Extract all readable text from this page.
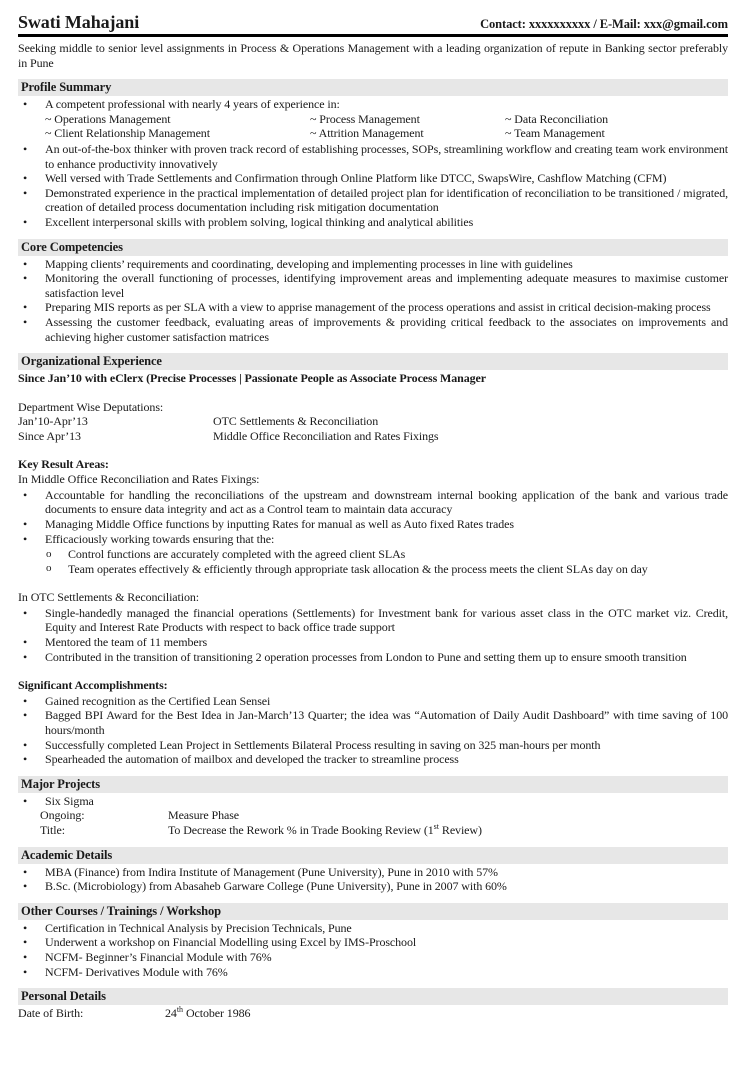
Swati Mahajani	Contact: xxxxxxxxxx / E-Mail: xxx@gmail.com

Seeking middle to senior level assignments in Process & Operations Management with a leading organization of repute in Banking sector preferably in Pune

Profile Summary
• A competent professional with nearly 4 years of experience in:
~ Operations Management	~ Process Management	~ Data Reconciliation
~ Client Relationship Management	~ Attrition Management	~ Team Management
• An out-of-the-box thinker with proven track record of establishing processes, SOPs, streamlining workflow and creating team work environment to enhance productivity innovatively
• Well versed with Trade Settlements and Confirmation through Online Platform like DTCC, SwapsWire, Cashflow Matching (CFM)
• Demonstrated experience in the practical implementation of detailed project plan for identification of reconciliation to be transitioned / migrated, creation of detailed process documentation including risk mitigation documentation
• Excellent interpersonal skills with problem solving, logical thinking and analytical abilities
Core Competencies
• Mapping clients’ requirements and coordinating, developing and implementing processes in line with guidelines
• Monitoring the overall functioning of processes, identifying improvement areas and implementing adequate measures to maximise customer satisfaction level
• Preparing MIS reports as per SLA with a view to apprise management of the process operations and assist in critical decision-making process
• Assessing the customer feedback, evaluating areas of improvements & providing critical feedback to the associates on improvements and achieving higher customer satisfaction matrices
Organizational Experience

Since Jan’10 with eClerx (Precise Processes | Passionate People as Associate Process Manager

Department Wise Deputations:

Jan’10-Apr’13	OTC Settlements & Reconciliation
Since Apr’13	Middle Office Reconciliation and Rates Fixings

Key Result Areas:

In Middle Office Reconciliation and Rates Fixings:

• Accountable for handling the reconciliations of the upstream and downstream internal booking application of the bank and various trade documents to ensure data integrity and act as a Control team to maintain data accuracy
• Managing Middle Office functions by inputting Rates for manual as well as Auto fixed Rates trades
• Efficaciously working towards ensuring that the:
o Control functions are accurately completed with the agreed client SLAs
o Team operates effectively & efficiently through appropriate task allocation & the process meets the client SLAs day on day

In OTC Settlements & Reconciliation:

• Single-handedly managed the financial operations (Settlements) for Investment bank for various asset class in the OTC market viz. Credit, Equity and Interest Rate Products with respect to back office trade support
• Mentored the team of 11 members
• Contributed in the transition of transitioning 2 operation processes from London to Pune and setting them up to ensure smooth transition

Significant Accomplishments:

• Gained recognition as the Certified Lean Sensei
• Bagged BPI Award for the Best Idea in Jan-March’13 Quarter; the idea was “Automation of Daily Audit Dashboard” with time saving of 100 hours/month
• Successfully completed Lean Project in Settlements Bilateral Process resulting in saving on 325 man-hours per month
• Spearheaded the automation of mailbox and developed the tracker to streamline process
Major Projects
• Six Sigma
Ongoing:	Measure Phase
Title:	To Decrease the Rework % in Trade Booking Review (1st Review)
Academic Details
• MBA (Finance) from Indira Institute of Management (Pune University), Pune in 2010 with 57%
• B.Sc. (Microbiology) from Abasaheb Garware College (Pune University), Pune in 2007 with 60%
Other Courses / Trainings / Workshop
• Certification in Technical Analysis by Precision Technicals, Pune
• Underwent a workshop on Financial Modelling using Excel by IMS-Proschool
• NCFM- Beginner’s Financial Module with 76%
• NCFM- Derivatives Module with 76%
Personal Details
Date of Birth:	24th October 1986
